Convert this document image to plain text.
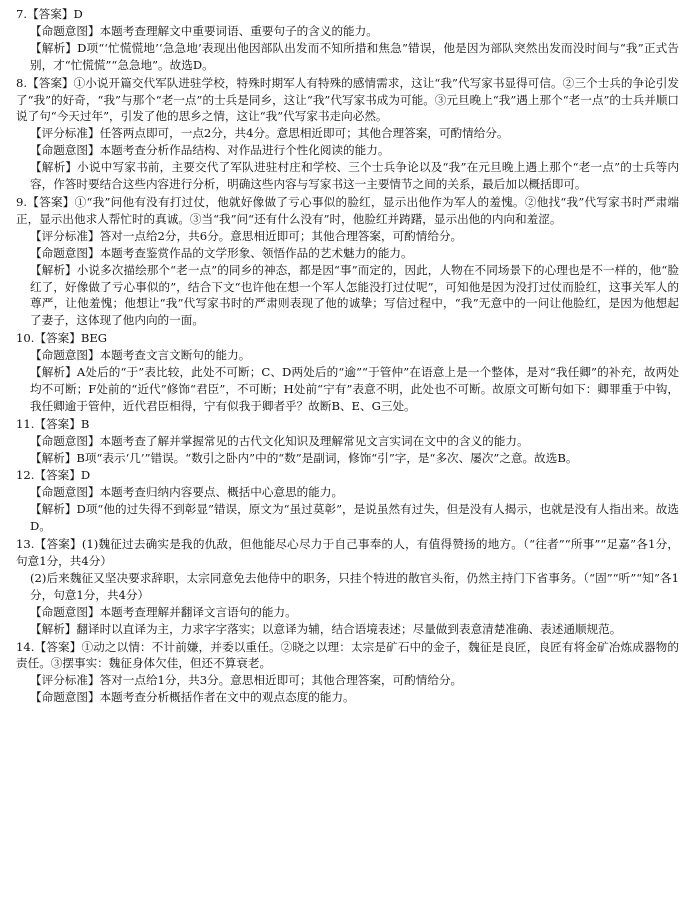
7.【答案】D

【命题意图】本题考查理解文中重要词语、重要句子的含义的能力。

【解析】D项“‘忙慌慌地’‘急急地’表现出他因部队出发而不知所措和焦急”错误，他是因为部队突然出发而没时间与“我”正式告别，才“忙慌慌”“急急地”。故选D。

8.【答案】①小说开篇交代军队进驻学校，特殊时期军人有特殊的感情需求，这让“我”代写家书显得可信。②三个士兵的争论引发了“我”的好奇，“我”与那个“老一点”的士兵是同乡，这让“我”代写家书成为可能。③元旦晚上“我”遇上那个“老一点”的士兵并顺口说了句“今天过年”，引发了他的思乡之情，这让“我”代写家书走向必然。

【评分标准】任答两点即可，一点2分，共4分。意思相近即可；其他合理答案，可酌情给分。

【命题意图】本题考查分析作品结构、对作品进行个性化阅读的能力。

【解析】小说中写家书前，主要交代了军队进驻村庄和学校、三个士兵争论以及“我”在元旦晚上遇上那个“老一点”的士兵等内容，作答时要结合这些内容进行分析，明确这些内容与写家书这一主要情节之间的关系，最后加以概括即可。

9.【答案】①“我”问他有没有打过仗，他就好像做了亏心事似的脸红，显示出他作为军人的羞愧。②他找“我”代写家书时严肃端正，显示出他求人帮忙时的真诚。③当“我”问“还有什么没有”时，他脸红并踌躇，显示出他的内向和羞涩。

【评分标准】答对一点给2分，共6分。意思相近即可；其他合理答案，可酌情给分。

【命题意图】本题考查鉴赏作品的文学形象、领悟作品的艺术魅力的能力。

【解析】小说多次描绘那个“老一点”的同乡的神态，都是因“事”而定的，因此，人物在不同场景下的心理也是不一样的，他“脸红了，好像做了亏心事似的”，结合下文“也许他在想一个军人怎能没打过仗呢”，可知他是因为没打过仗而脸红，这事关军人的尊严，让他羞愧；他想让“我”代写家书时的严肃则表现了他的诚挚；写信过程中，“我”无意中的一问让他脸红，是因为他想起了妻子，这体现了他内向的一面。

10.【答案】BEG

【命题意图】本题考查文言文断句的能力。

【解析】A处后的“于”表比较，此处不可断；C、D两处后的“逾”“于管仲”在语意上是一个整体，是对“我任卿”的补充，故两处均不可断；F处前的“近代”修饰“君臣”，不可断；H处前“宁有”表意不明，此处也不可断。故原文可断句如下：卿罪重于中钩，我任卿逾于管仲，近代君臣相得，宁有似我于卿者乎？故断B、E、G三处。

11.【答案】B

【命题意图】本题考查了解并掌握常见的古代文化知识及理解常见文言实词在文中的含义的能力。

【解析】B项“表示‘几’”错误。“数引之卧内”中的“数”是副词，修饰“引”字，是“多次、屡次”之意。故选B。

12.【答案】D

【命题意图】本题考查归纳内容要点、概括中心意思的能力。

【解析】D项“他的过失得不到彰显”错误，原文为“虽过莫彰”，是说虽然有过失，但是没有人揭示，也就是没有人指出来。故选D。

13.【答案】(1)魏征过去确实是我的仇敌，但他能尽心尽力于自己事奉的人，有值得赞扬的地方。（“往者”“所事”“足嘉”各1分，句意1分，共4分）

(2)后来魏征又坚决要求辞职，太宗同意免去他侍中的职务，只挂个特进的散官头衔，仍然主持门下省事务。（“固”“听”“知”各1分，句意1分，共4分）

【命题意图】本题考查理解并翻译文言语句的能力。

【解析】翻译时以直译为主，力求字字落实；以意译为辅，结合语境表述；尽量做到表意清楚准确、表述通顺规范。

14.【答案】①动之以情：不计前嫌，并委以重任。②晓之以理：太宗是矿石中的金子，魏征是良匠，良匠有将金矿冶炼成器物的责任。③摆事实：魏征身体欠佳，但还不算衰老。

【评分标准】答对一点给1分，共3分。意思相近即可；其他合理答案，可酌情给分。

【命题意图】本题考查分析概括作者在文中的观点态度的能力。
